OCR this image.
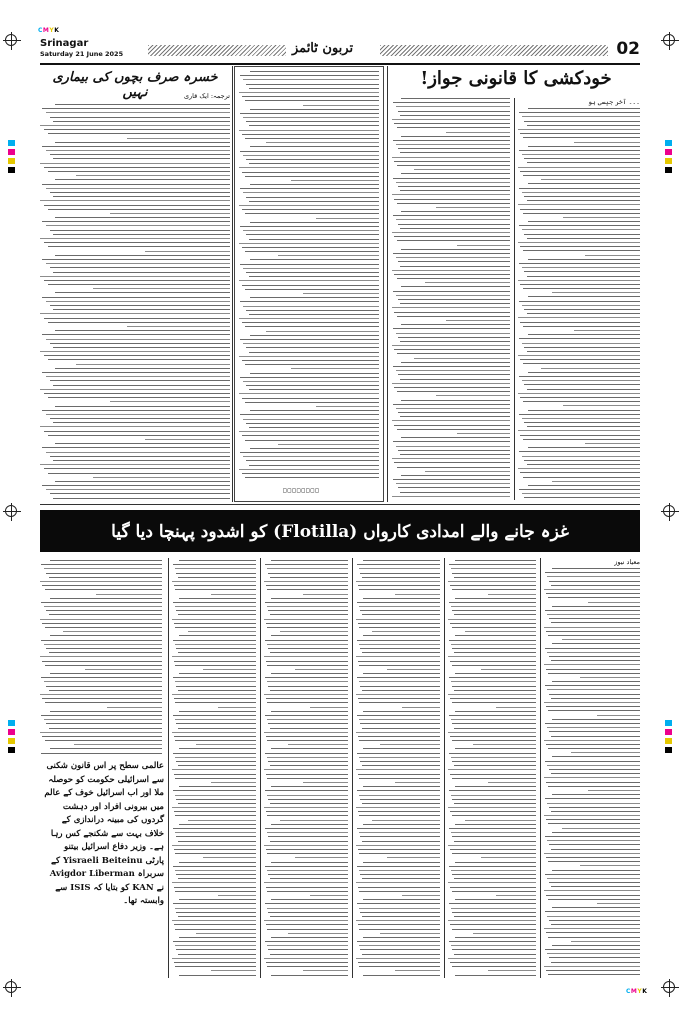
CMYK
CMYK
Srinagar
Saturday 21 June 2025	تربون ٹائمز	02
خسرہ صرف بچوں کی بیماری نہیں	ترجمہ: ایک قاری
□□□□□□□□
خودکشی کا قانونی جواز!
۔۔۔ آخر جیسی ہو
غزہ جانے والے امدادی کارواں (Flotilla) کو اشدود پہنچا دیا گیا
معیاد نیوز
عالمی سطح پر اس قانون شکنی سے اسرائیلی حکومت کو حوصلہ ملا اور اب اسرائیل خوف کے عالم میں بیرونی افراد اور دہشت گردوں کی مبینہ دراندازی کے خلاف بہت سے شکنجے کس رہا ہے۔ وزیر دفاع اسرائیل بیتنو پارٹی Yisraeli Beiteinu کے سربراہ Avigdor Liberman نے KAN کو بتایا کہ ISIS سے وابستہ تھا۔
